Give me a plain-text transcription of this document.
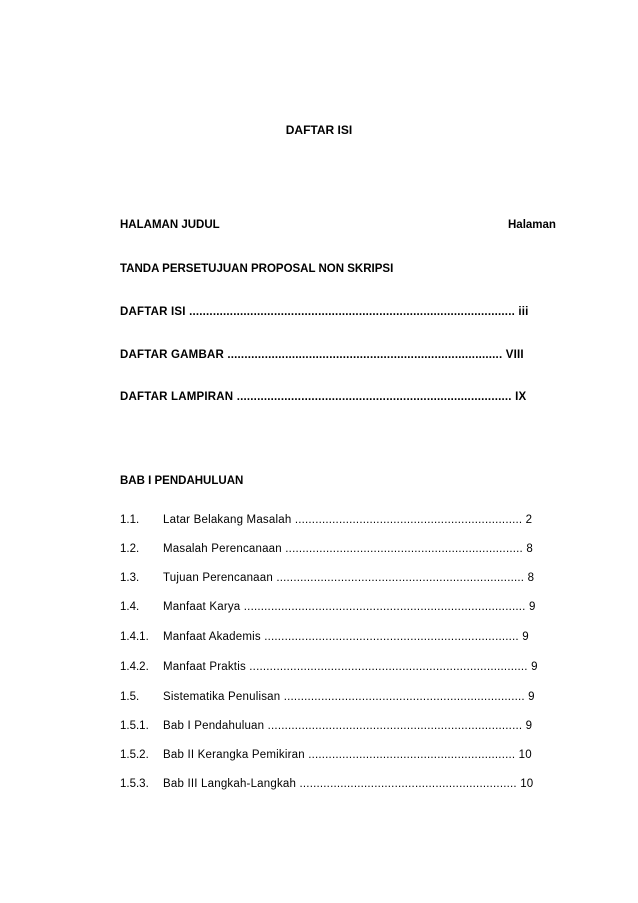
DAFTAR ISI
HALAMAN JUDUL	Halaman
TANDA PERSETUJUAN PROPOSAL NON SKRIPSI
DAFTAR ISI ................................................................................................ iii
DAFTAR GAMBAR ................................................................................. VIII
DAFTAR LAMPIRAN ................................................................................. IX
BAB I PENDAHULUAN
1.1. Latar Belakang Masalah ................................................................... 2
1.2. Masalah Perencanaan ...................................................................... 8
1.3. Tujuan Perencanaan ......................................................................... 8
1.4. Manfaat Karya ................................................................................... 9
1.4.1. Manfaat Akademis ........................................................................... 9
1.4.2. Manfaat Praktis .................................................................................. 9
1.5. Sistematika Penulisan ....................................................................... 9
1.5.1. Bab I Pendahuluan ........................................................................... 9
1.5.2. Bab II Kerangka Pemikiran ............................................................. 10
1.5.3. Bab III Langkah-Langkah ................................................................ 10
